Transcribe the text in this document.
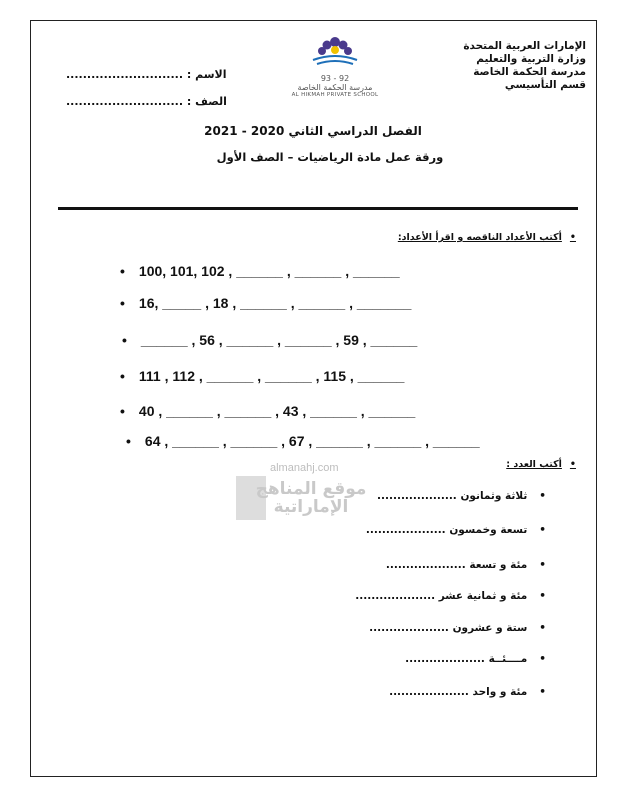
الإمارات العربية المتحدة
وزارة التربية والتعليم
مدرسة الحكمة الخاصة
قسم التأسيسي
93 - 92
مدرسة الحكمة الخاصة
AL HIKMAH PRIVATE SCHOOL
الاسم : ............................
الصف : ............................
الفصل الدراسي الثاني 2020 - 2021
ورقة عمل مادة الرياضيات – الصف الأول
•أكتب الأعداد الناقصه و اقرأ الأعداد:
• 100, 101, 102 , ______ , ______ , ______
• 16, _____ , 18 , ______ , ______ , _______
• ______ , 56 , ______ , ______ , 59 , ______
• 111 , 112 , ______ , ______ , 115 , ______
• 40 , ______ , ______ , 43 , ______ , ______
• 64 , ______ , ______ , 67 , ______ , ______ , ______
almanahj.com
موقع المناهج الإماراتية
•أكتب العدد :
•ثلاثة وثمانون ....................
•تسعة وخمسون ....................
•مئة و تسعة ....................
•مئة و ثمانية عشر ....................
•ستة و عشرون ....................
•مــــئــة ....................
•مئة و واحد ....................
